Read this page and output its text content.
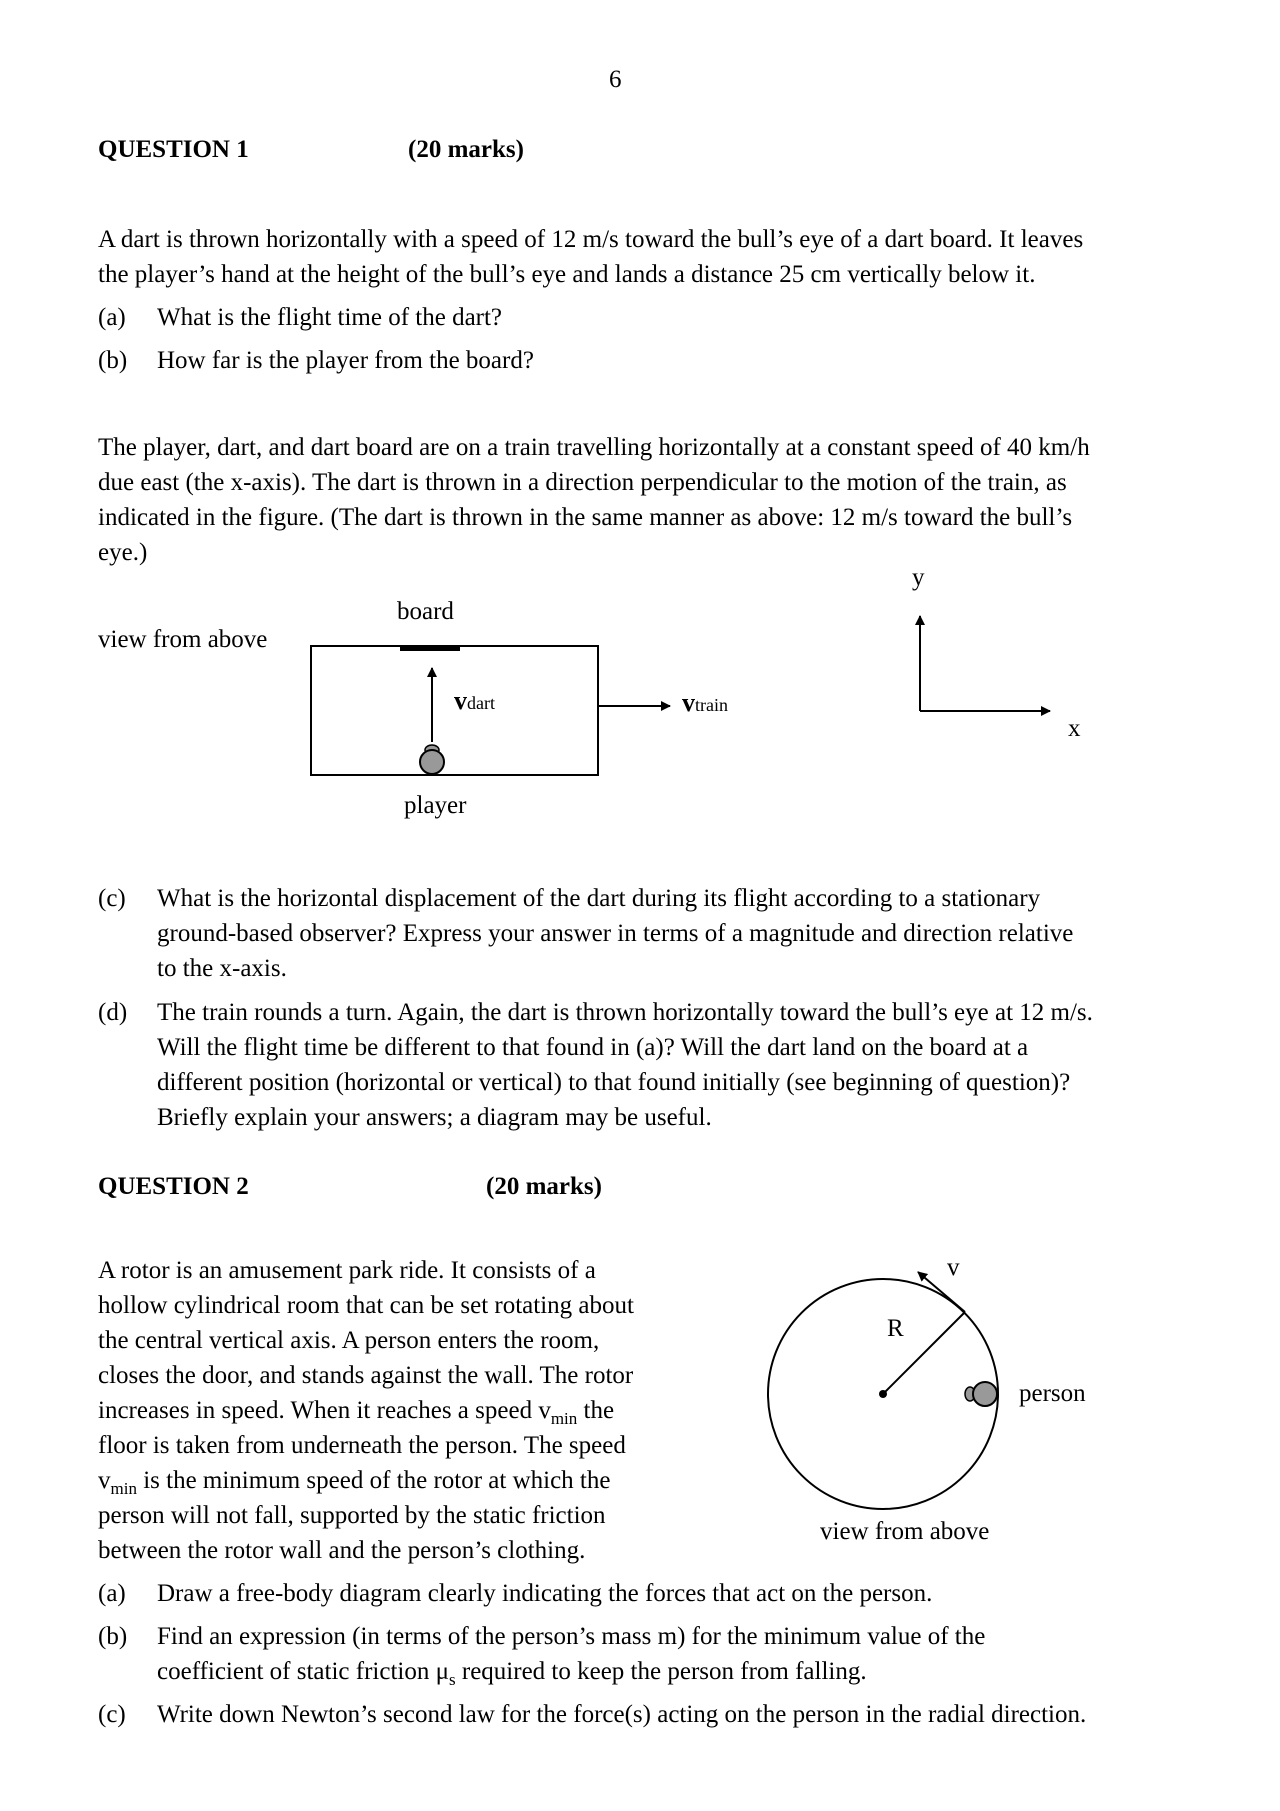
6
QUESTION 1	(20 marks)
A dart is thrown horizontally with a speed of 12 m/s toward the bull’s eye of a dart board. It leaves
the player’s hand at the height of the bull’s eye and lands a distance 25 cm vertically below it.
(a)	What is the flight time of the dart?
(b)	How far is the player from the board?
The player, dart, and dart board are on a train travelling horizontally at a constant speed of 40 km/h
due east (the x-axis). The dart is thrown in a direction perpendicular to the motion of the train, as
indicated in the figure. (The dart is thrown in the same manner as above: 12 m/s toward the bull’s
eye.)
view from above
board
vdart
player
vtrain
y
x
(c)	What is the horizontal displacement of the dart during its flight according to a stationary
ground-based observer? Express your answer in terms of a magnitude and direction relative
to the x-axis.
(d)	The train rounds a turn. Again, the dart is thrown horizontally toward the bull’s eye at 12 m/s.
Will the flight time be different to that found in (a)? Will the dart land on the board at a
different position (horizontal or vertical) to that found initially (see beginning of question)?
Briefly explain your answers; a diagram may be useful.
QUESTION 2	(20 marks)
A rotor is an amusement park ride. It consists of a
hollow cylindrical room that can be set rotating about
the central vertical axis. A person enters the room,
closes the door, and stands against the wall. The rotor
increases in speed. When it reaches a speed $v_{min}$ the
floor is taken from underneath the person. The speed
$v_{min}$ is the minimum speed of the rotor at which the
person will not fall, supported by the static friction
between the rotor wall and the person’s clothing.
R
v
person
view from above
(a)	Draw a free-body diagram clearly indicating the forces that act on the person.
(b)	Find an expression (in terms of the person’s mass m) for the minimum value of the
coefficient of static friction $\mu_s$ required to keep the person from falling.
(c)	Write down Newton’s second law for the force(s) acting on the person in the radial direction.
